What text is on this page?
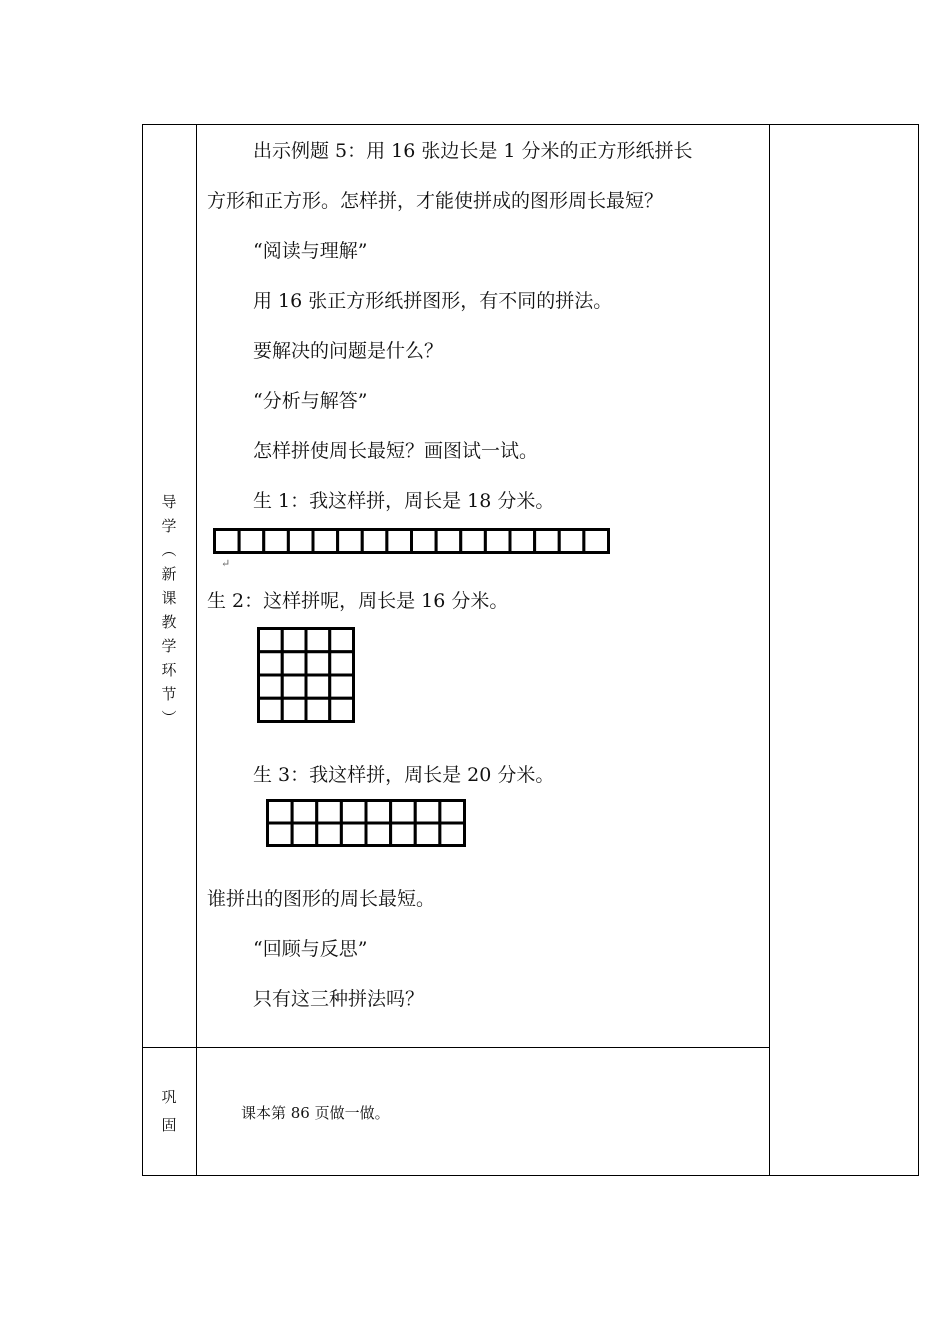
导
学
︵
新
课
教
学
环
节
︶
巩
固
出示例题 5：用 16 张边长是 1 分米的正方形纸拼长
方形和正方形。怎样拼，才能使拼成的图形周长最短？
“阅读与理解”
用 16 张正方形纸拼图形，有不同的拼法。
要解决的问题是什么？
“分析与解答”
怎样拼使周长最短？画图试一试。
生 1：我这样拼，周长是 18 分米。
↵
生 2：这样拼呢，周长是 16 分米。
生 3：我这样拼，周长是 20 分米。
谁拼出的图形的周长最短。
“回顾与反思”
只有这三种拼法吗？
课本第 86 页做一做。
